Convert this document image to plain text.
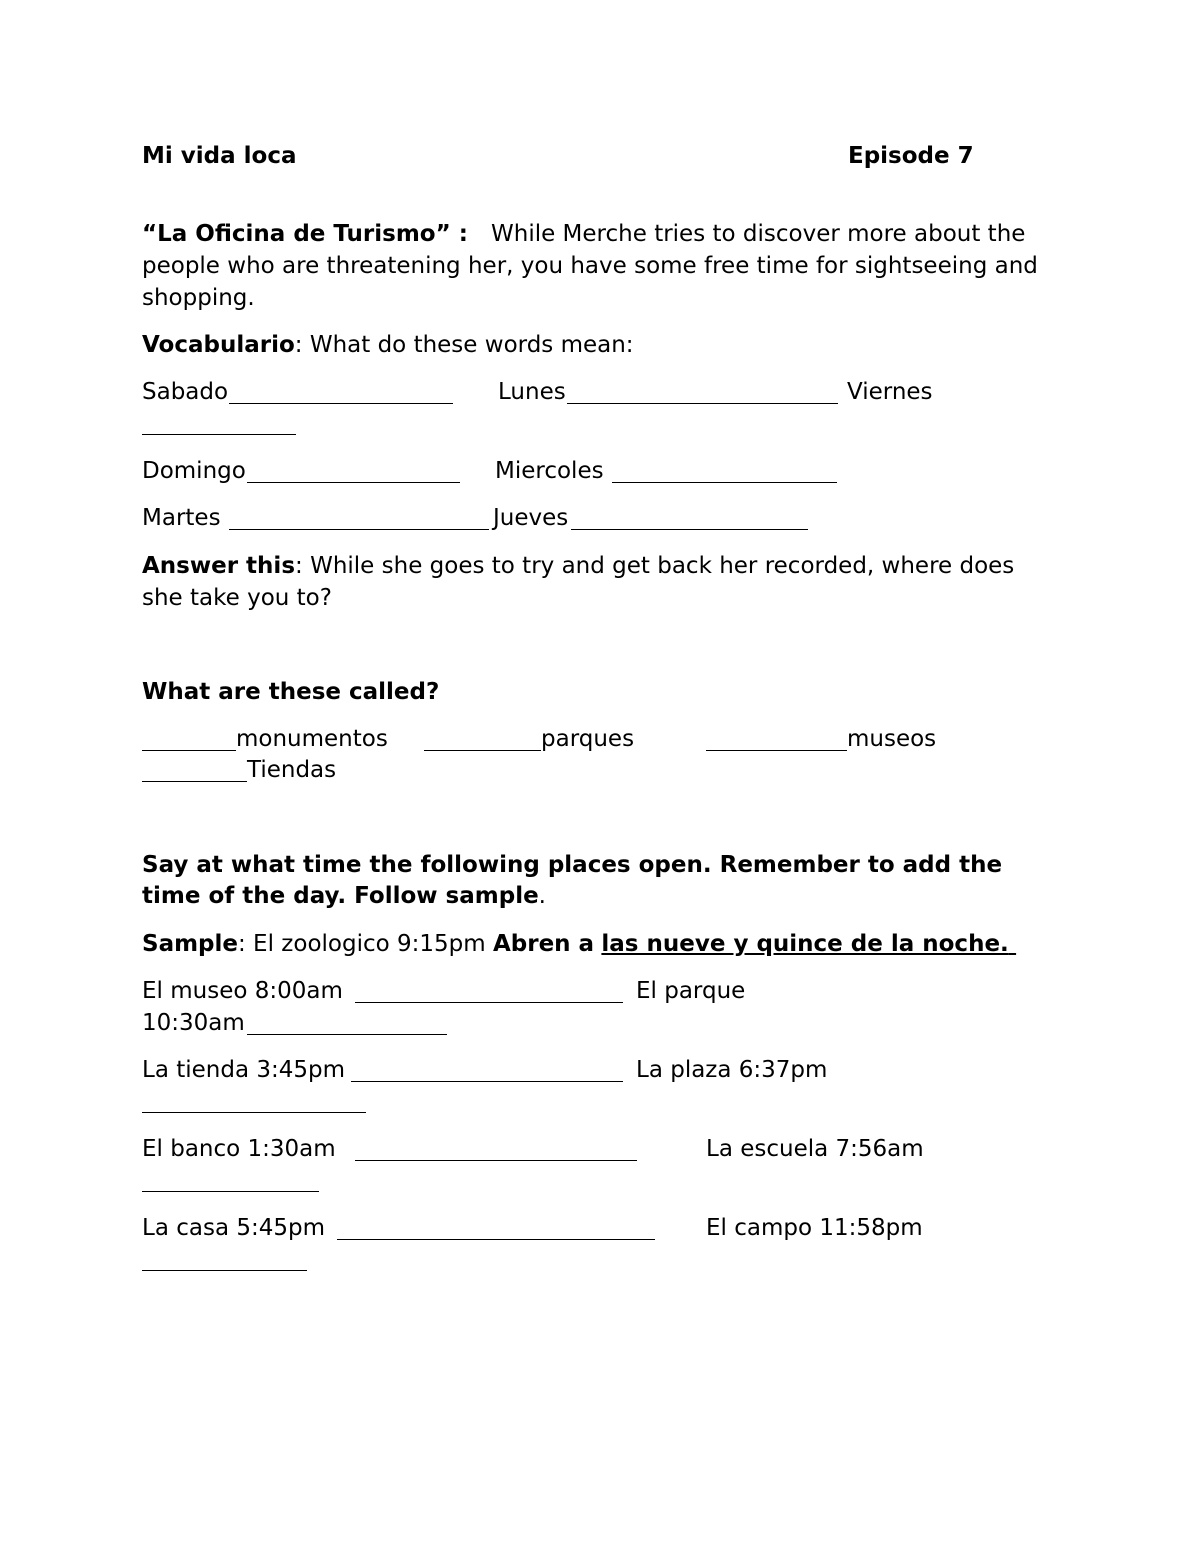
Mi vida loca	Episode 7
“La Oficina de Turismo” : While Merche tries to discover more about the
people who are threatening her, you have some free time for sightseeing and
shopping.
Vocabulario: What do these words mean:
Sabado	Lunes	Viernes
Domingo	Miercoles
Martes	Jueves
Answer this: While she goes to try and get back her recorded, where does
she take you to?
What are these called?
monumentos	parques	museos
Tiendas
Say at what time the following places open. Remember to add the
time of the day. Follow sample.
Sample: El zoologico 9:15pm Abren a las nueve y quince de la noche.
El museo 8:00am	El parque
10:30am
La tienda 3:45pm	La plaza 6:37pm
El banco 1:30am	La escuela 7:56am
La casa 5:45pm	El campo 11:58pm
